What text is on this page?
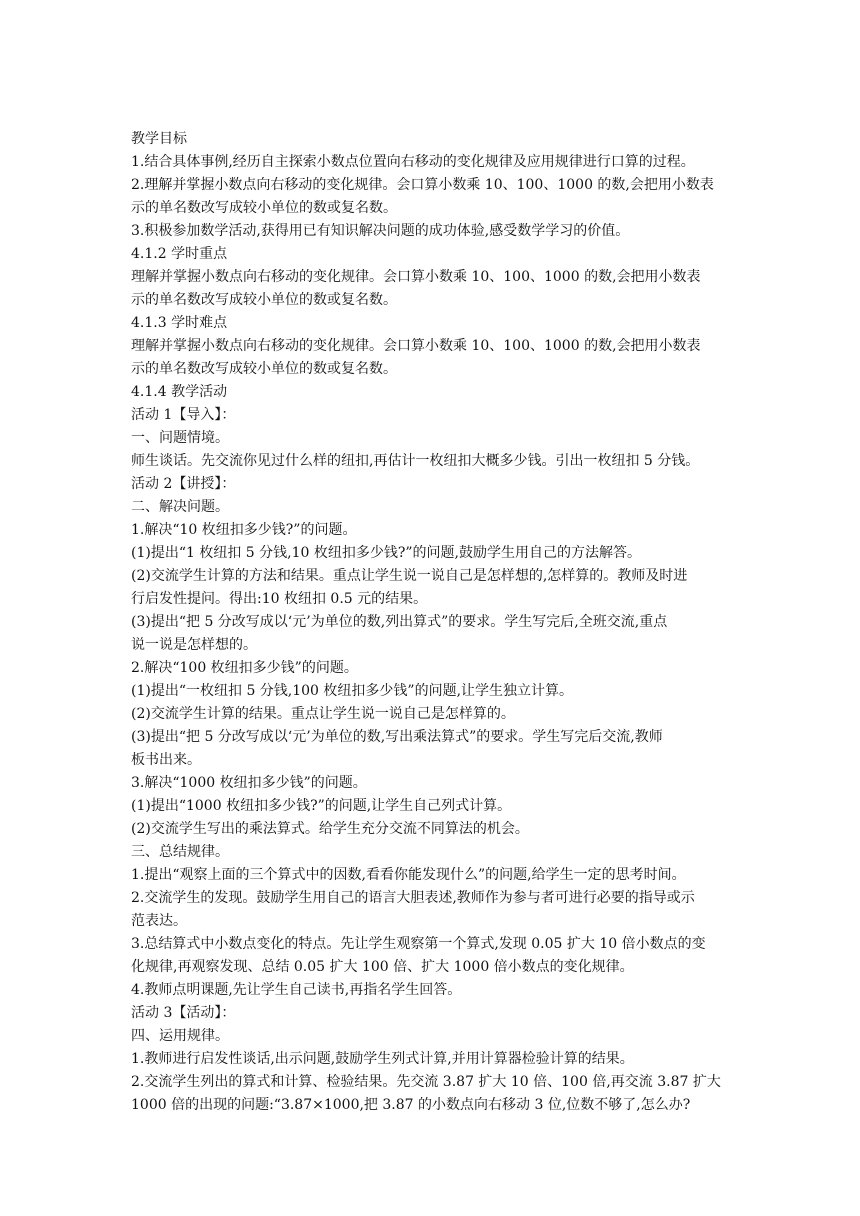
教学目标

1.结合具体事例,经历自主探索小数点位置向右移动的变化规律及应用规律进行口算的过程。

2.理解并掌握小数点向右移动的变化规律。会口算小数乘 10、100、1000 的数,会把用小数表

示的单名数改写成较小单位的数或复名数。

3.积极参加数学活动,获得用已有知识解决问题的成功体验,感受数学学习的价值。

4.1.2 学时重点

理解并掌握小数点向右移动的变化规律。会口算小数乘 10、100、1000 的数,会把用小数表

示的单名数改写成较小单位的数或复名数。

4.1.3 学时难点

理解并掌握小数点向右移动的变化规律。会口算小数乘 10、100、1000 的数,会把用小数表

示的单名数改写成较小单位的数或复名数。

4.1.4 教学活动

活动 1【导入】：

一、问题情境。

师生谈话。先交流你见过什么样的纽扣,再估计一枚纽扣大概多少钱。引出一枚纽扣 5 分钱。

活动 2【讲授】：

二、解决问题。

1.解决“10 枚纽扣多少钱?”的问题。

(1)提出“1 枚纽扣 5 分钱,10 枚纽扣多少钱?”的问题,鼓励学生用自己的方法解答。

(2)交流学生计算的方法和结果。重点让学生说一说自己是怎样想的,怎样算的。教师及时进

行启发性提问。得出:10 枚纽扣 0.5 元的结果。

(3)提出“把 5 分改写成以‘元’为单位的数,列出算式”的要求。学生写完后,全班交流,重点

说一说是怎样想的。

2.解决“100 枚纽扣多少钱”的问题。

(1)提出“一枚纽扣 5 分钱,100 枚纽扣多少钱”的问题,让学生独立计算。

(2)交流学生计算的结果。重点让学生说一说自己是怎样算的。

(3)提出“把 5 分改写成以‘元’为单位的数,写出乘法算式”的要求。学生写完后交流,教师

板书出来。

3.解决“1000 枚纽扣多少钱”的问题。

(1)提出“1000 枚纽扣多少钱?”的问题,让学生自己列式计算。

(2)交流学生写出的乘法算式。给学生充分交流不同算法的机会。

三、总结规律。

1.提出“观察上面的三个算式中的因数,看看你能发现什么”的问题,给学生一定的思考时间。

2.交流学生的发现。鼓励学生用自己的语言大胆表述,教师作为参与者可进行必要的指导或示

范表达。

3.总结算式中小数点变化的特点。先让学生观察第一个算式,发现 0.05 扩大 10 倍小数点的变

化规律,再观察发现、总结 0.05 扩大 100 倍、扩大 1000 倍小数点的变化规律。

4.教师点明课题,先让学生自己读书,再指名学生回答。

活动 3【活动】：

四、运用规律。

1.教师进行启发性谈话,出示问题,鼓励学生列式计算,并用计算器检验计算的结果。

2.交流学生列出的算式和计算、检验结果。先交流 3.87 扩大 10 倍、100 倍,再交流 3.87 扩大

1000 倍的出现的问题:“3.87×1000,把 3.87 的小数点向右移动 3 位,位数不够了,怎么办?
